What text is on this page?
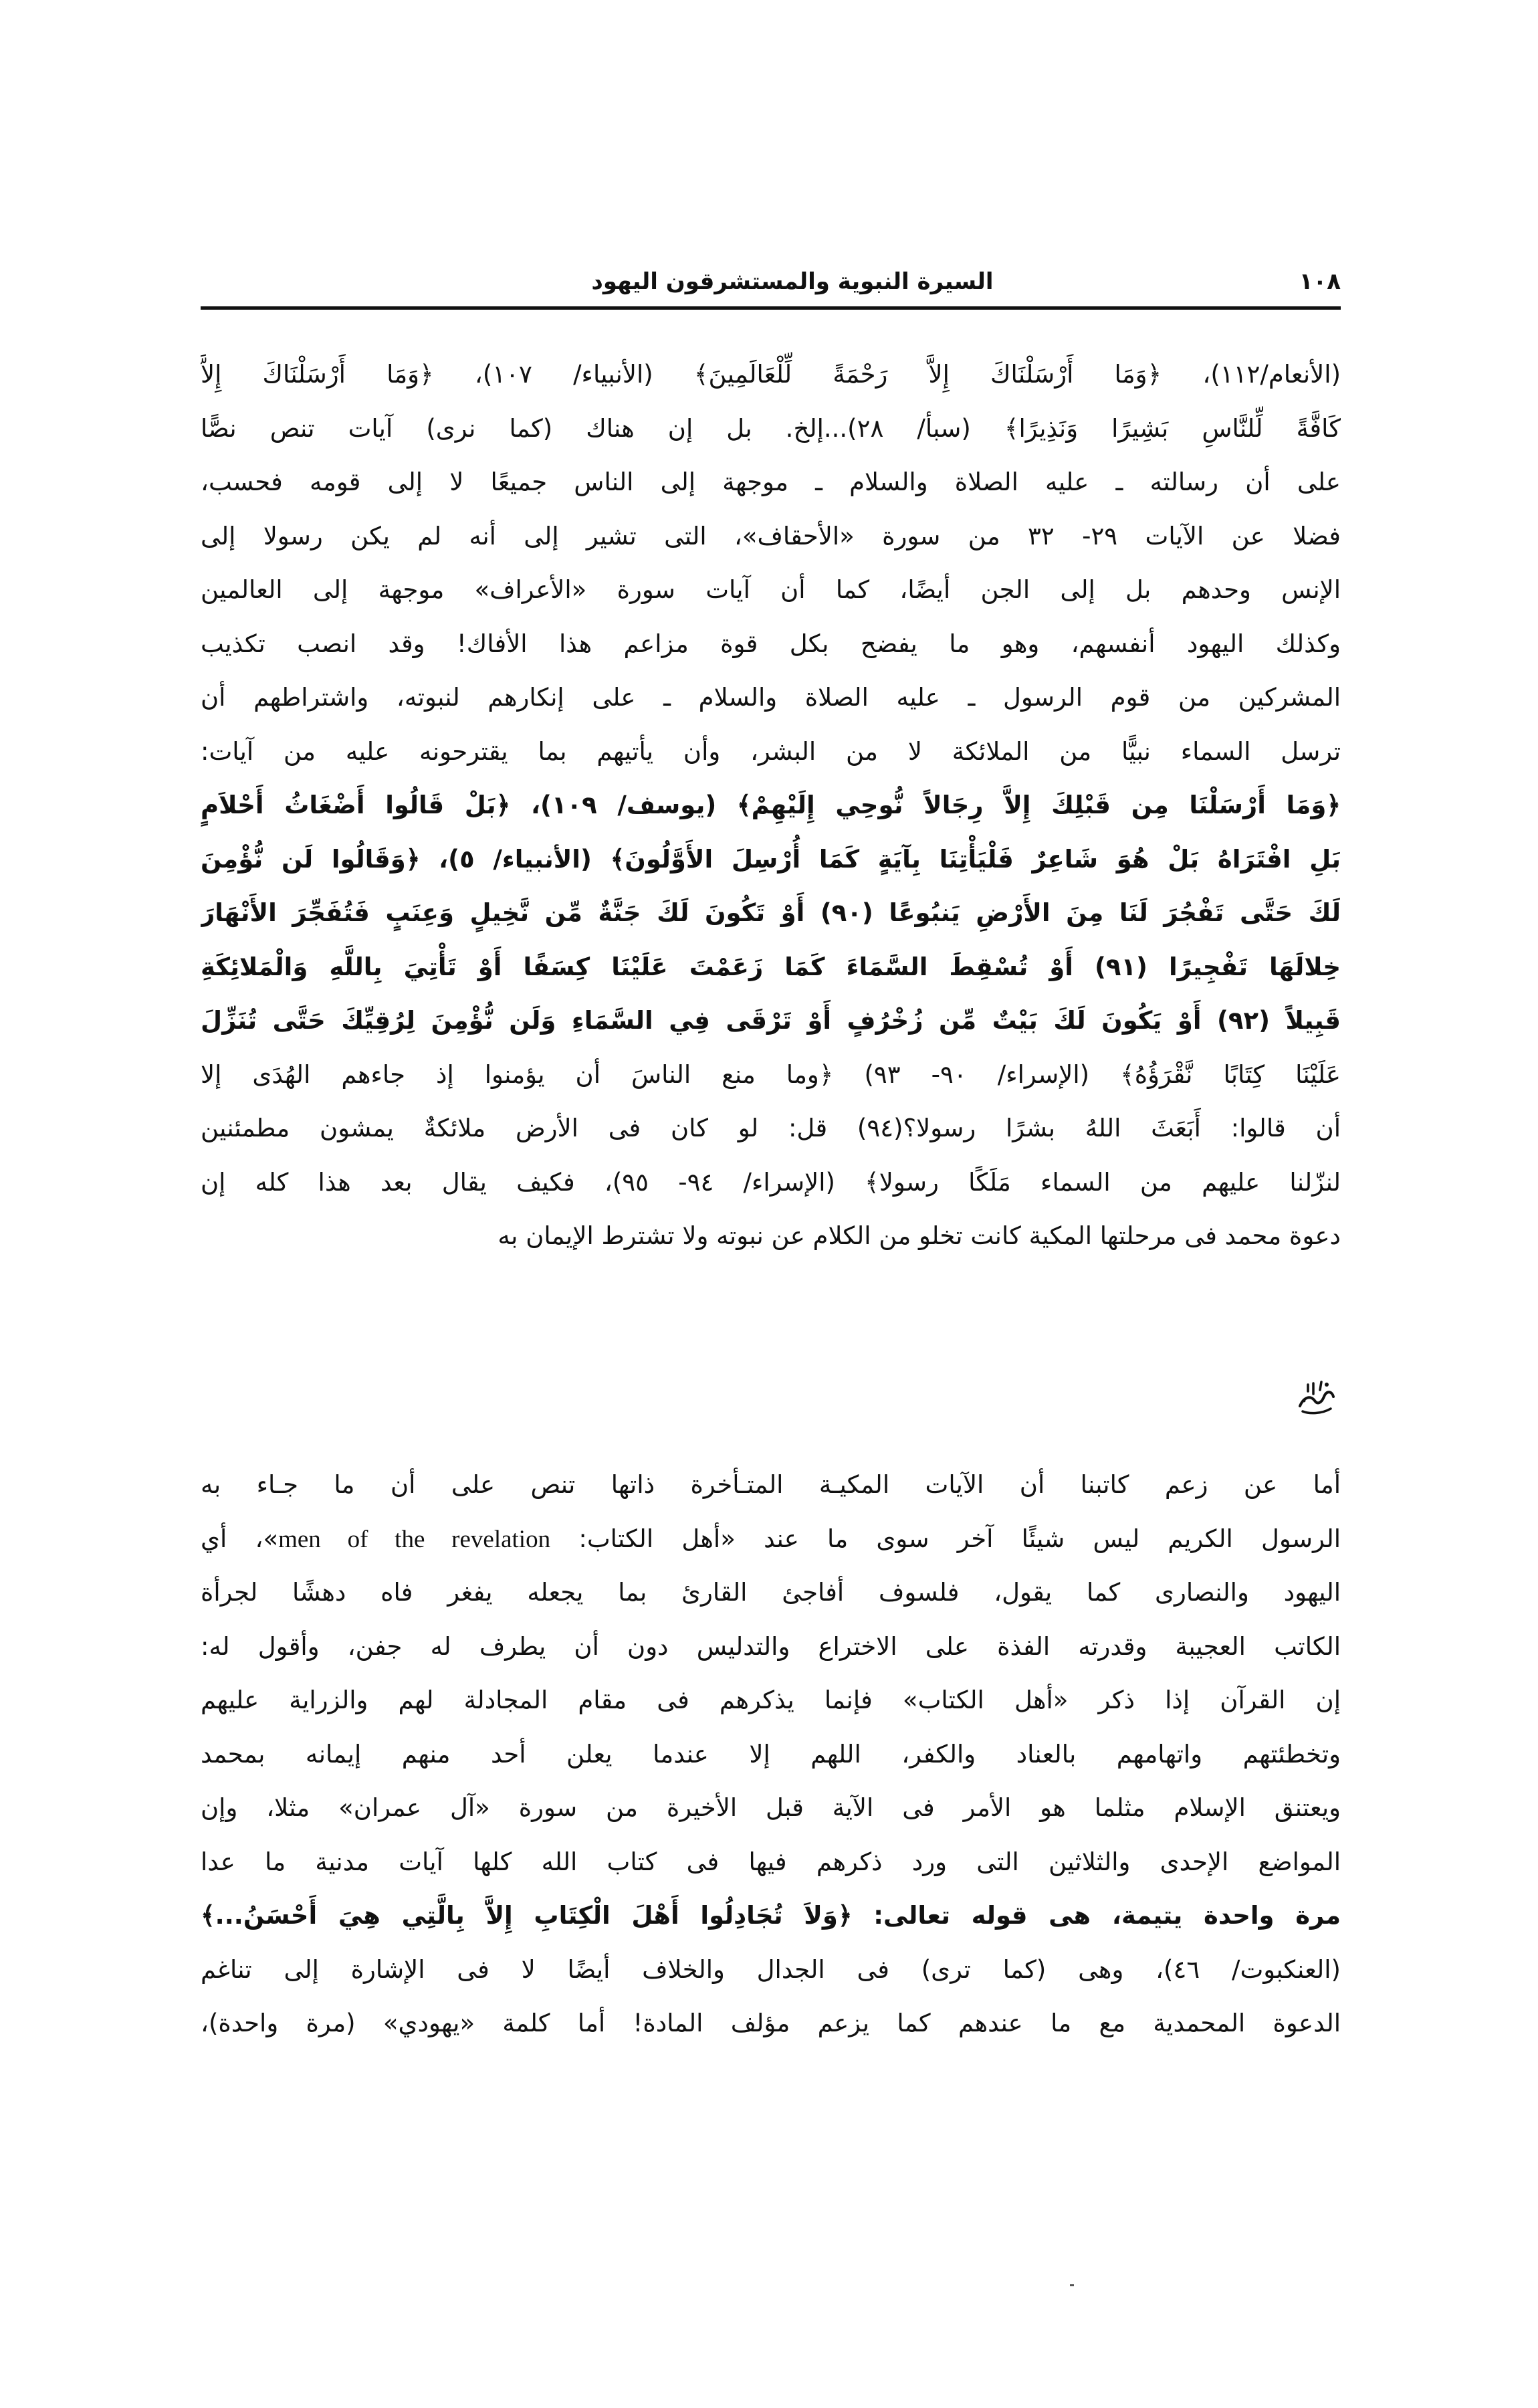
١٠٨
السيرة النبوية والمستشرقون اليهود
(الأنعام/١١٢)، ﴿وَمَا أَرْسَلْنَاكَ إِلاَّ رَحْمَةً لِّلْعَالَمِينَ﴾ (الأنبياء/ ١٠٧)، ﴿وَمَا أَرْسَلْنَاكَ إِلاَّ
كَافَّةً لِّلنَّاسِ بَشِيرًا وَنَذِيرًا﴾ (سبأ/ ٢٨)...إلخ. بل إن هناك (كما نرى) آيات تنص نصًّا
على أن رسالته ـ عليه الصلاة والسلام ـ موجهة إلى الناس جميعًا لا إلى قومه فحسب،
فضلا عن الآيات ٢٩- ٣٢ من سورة «الأحقاف»، التى تشير إلى أنه لم يكن رسولا إلى
الإنس وحدهم بل إلى الجن أيضًا، كما أن آيات سورة «الأعراف» موجهة إلى العالمين
وكذلك اليهود أنفسهم، وهو ما يفضح بكل قوة مزاعم هذا الأفاك! وقد انصب تكذيب
المشركين من قوم الرسول ـ عليه الصلاة والسلام ـ على إنكارهم لنبوته، واشتراطهم أن
ترسل السماء نبيًّا من الملائكة لا من البشر، وأن يأتيهم بما يقترحونه عليه من آيات:
﴿وَمَا أَرْسَلْنَا مِن قَبْلِكَ إِلاَّ رِجَالاً نُّوحِي إِلَيْهِمْ﴾ (يوسف/ ١٠٩)، ﴿بَلْ قَالُوا أَضْغَاثُ أَحْلاَمٍ
بَلِ افْتَرَاهُ بَلْ هُوَ شَاعِرٌ فَلْيَأْتِنَا بِآيَةٍ كَمَا أُرْسِلَ الأَوَّلُونَ﴾ (الأنبياء/ ٥)، ﴿وَقَالُوا لَن نُّؤْمِنَ
لَكَ حَتَّى تَفْجُرَ لَنَا مِنَ الأَرْضِ يَنبُوعًا (٩٠) أَوْ تَكُونَ لَكَ جَنَّةٌ مِّن نَّخِيلٍ وَعِنَبٍ فَتُفَجِّرَ الأَنْهَارَ
خِلالَهَا تَفْجِيرًا (٩١) أَوْ تُسْقِطَ السَّمَاءَ كَمَا زَعَمْتَ عَلَيْنَا كِسَفًا أَوْ تَأْتِيَ بِاللَّهِ وَالْمَلائِكَةِ
قَبِيلاً (٩٢) أَوْ يَكُونَ لَكَ بَيْتٌ مِّن زُخْرُفٍ أَوْ تَرْقَى فِي السَّمَاءِ وَلَن نُّؤْمِنَ لِرُقِيِّكَ حَتَّى تُنَزِّلَ
عَلَيْنَا كِتَابًا نَّقْرَؤُهُ﴾ (الإسراء/ ٩٠- ٩٣) ﴿وما منع الناسَ أن يؤمنوا إذ جاءهم الهُدَى إلا
أن قالوا: أَبَعَثَ اللهُ بشرًا رسولا؟(٩٤) قل: لو كان فى الأرض ملائكةٌ يمشون مطمئنين
لنزّلنا عليهم من السماء مَلَكًا رسولا﴾ (الإسراء/ ٩٤- ٩٥)، فكيف يقال بعد هذا كله إن
دعوة محمد فى مرحلتها المكية كانت تخلو من الكلام عن نبوته ولا تشترط الإيمان به
أما عن زعم كاتبنا أن الآيات المكيـة المتـأخرة ذاتها تنص على أن ما جـاء به
الرسول الكريم ليس شيئًا آخر سوى ما عند «أهل الكتاب: men of the revelation»، أي
اليهود والنصارى كما يقول، فلسوف أفاجئ القارئ بما يجعله يفغر فاه دهشًا لجرأة
الكاتب العجيبة وقدرته الفذة على الاختراع والتدليس دون أن يطرف له جفن، وأقول له:
إن القرآن إذا ذكر «أهل الكتاب» فإنما يذكرهم فى مقام المجادلة لهم والزراية عليهم
وتخطئتهم واتهامهم بالعناد والكفر، اللهم إلا عندما يعلن أحد منهم إيمانه بمحمد
ويعتنق الإسلام مثلما هو الأمر فى الآية قبل الأخيرة من سورة «آل عمران» مثلا، وإن
المواضع الإحدى والثلاثين التى ورد ذكرهم فيها فى كتاب الله كلها آيات مدنية ما عدا
مرة واحدة يتيمة، هى قوله تعالى: ﴿وَلاَ تُجَادِلُوا أَهْلَ الْكِتَابِ إِلاَّ بِالَّتِي هِيَ أَحْسَنُ...﴾
(العنكبوت/ ٤٦)، وهى (كما ترى) فى الجدال والخلاف أيضًا لا فى الإشارة إلى تناغم
الدعوة المحمدية مع ما عندهم كما يزعم مؤلف المادة! أما كلمة «يهودي» (مرة واحدة)،
